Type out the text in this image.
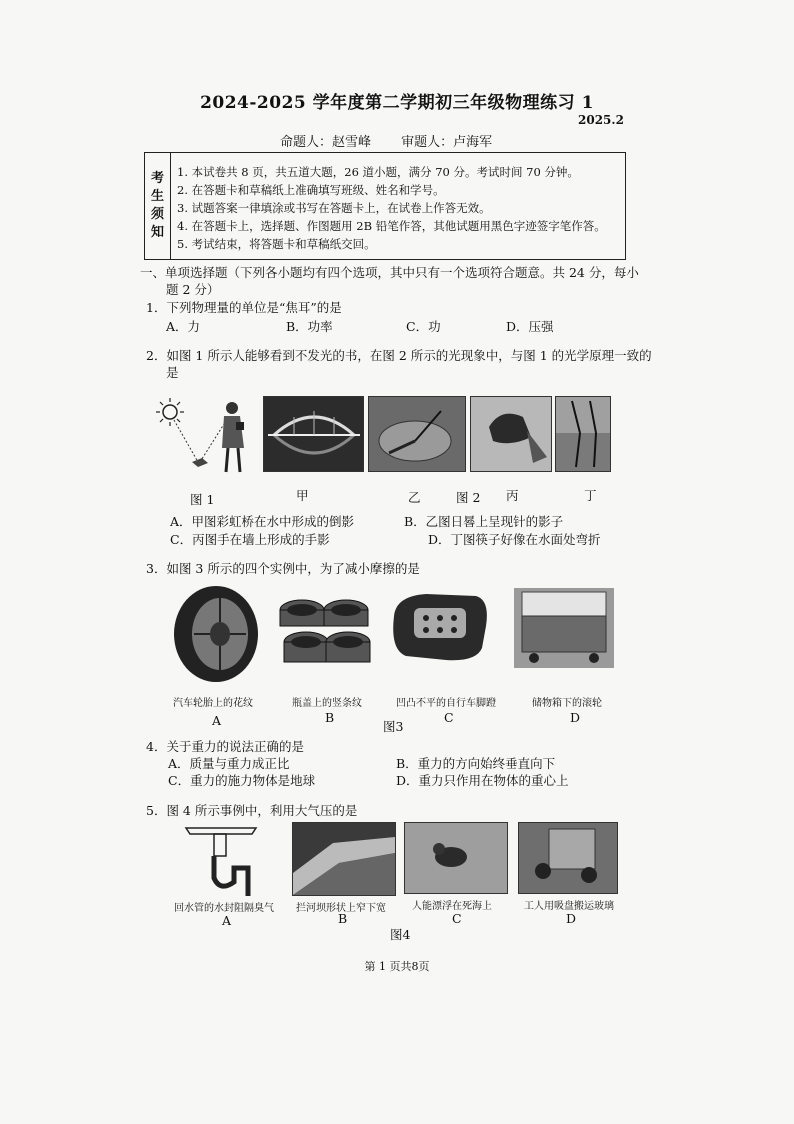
2024-2025 学年度第二学期初三年级物理练习 1
2025.2
命题人：赵雪峰 审题人：卢海军
考
生
须
知
1. 本试卷共 8 页，共五道大题，26 道小题，满分 70 分。考试时间 70 分钟。
2. 在答题卡和草稿纸上准确填写班级、姓名和学号。
3. 试题答案一律填涂或书写在答题卡上，在试卷上作答无效。
4. 在答题卡上，选择题、作图题用 2B 铅笔作答，其他试题用黑色字迹签字笔作答。
5. 考试结束，将答题卡和草稿纸交回。
一、单项选择题（下列各小题均有四个选项，其中只有一个选项符合题意。共 24 分，每小
题 2 分）
1．下列物理量的单位是“焦耳”的是
A．力	B．功率	C．功	D．压强
2．如图 1 所示人能够看到不发光的书，在图 2 所示的光现象中，与图 1 的光学原理一致的
是
图 1	甲	乙	图 2 丙	丁
A．甲图彩虹桥在水中形成的倒影	B．乙图日晷上呈现针的影子
C．丙图手在墙上形成的手影	D．丁图筷子好像在水面处弯折
3．如图 3 所示的四个实例中，为了减小摩擦的是
汽车轮胎上的花纹	瓶盖上的竖条纹	凹凸不平的自行车脚蹬	储物箱下的滚轮
A	B
图3
C	D
4．关于重力的说法正确的是
A．质量与重力成正比	B．重力的方向始终垂直向下
C．重力的施力物体是地球	D．重力只作用在物体的重心上
5．图 4 所示事例中，利用大气压的是
回水管的水封阻隔臭气 拦河坝形状上窄下宽	人能漂浮在死海上	工人用吸盘搬运玻璃
A	B	C	D
图4
第 1 页共8页
